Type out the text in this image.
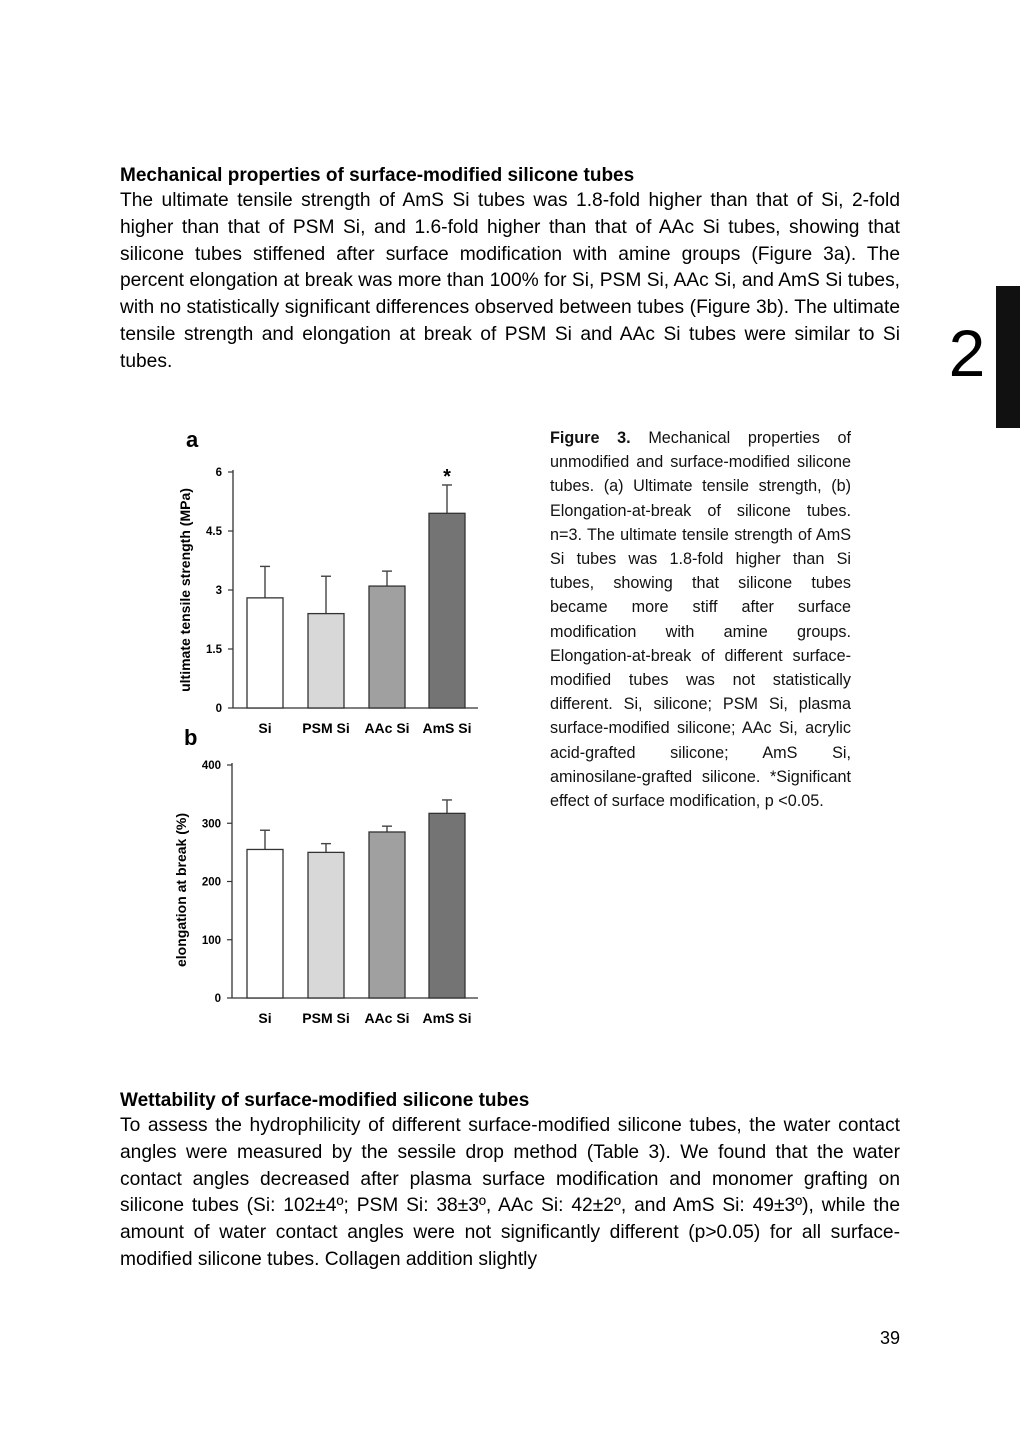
Mechanical properties of surface-modified silicone tubes
The ultimate tensile strength of AmS Si tubes was 1.8-fold higher than that of Si, 2-fold higher than that of PSM Si, and 1.6-fold higher than that of AAc Si tubes, showing that silicone tubes stiffened after surface modification with amine groups (Figure 3a). The percent elongation at break was more than 100% for Si, PSM Si, AAc Si, and AmS Si tubes, with no statistically significant differences observed between tubes (Figure 3b). The ultimate tensile strength and elongation at break of PSM Si and AAc Si tubes were similar to Si tubes.	2
a
ultimate tensile strength (MPa)
0
1.5
3
4.5
6
Si PSM Si AAc Si AmS Si
*
b
elongation at break (%)
0
100
200
300
400
Si PSM Si AAc Si AmS Si
Figure 3. Mechanical properties of unmodified and surface-modified silicone tubes. (a) Ultimate tensile strength, (b) Elongation-at-break of silicone tubes. n=3. The ultimate tensile strength of AmS Si tubes was 1.8-fold higher than Si tubes, showing that silicone tubes became more stiff after surface modification with amine groups. Elongation-at-break of different surface-modified tubes was not statistically different. Si, silicone; PSM Si, plasma surface-modified silicone; AAc Si, acrylic acid-grafted silicone; AmS Si, aminosilane-grafted silicone. *Significant effect of surface modification, p <0.05.
Wettability of surface-modified silicone tubes
To assess the hydrophilicity of different surface-modified silicone tubes, the water contact angles were measured by the sessile drop method (Table 3). We found that the water contact angles decreased after plasma surface modification and monomer grafting on silicone tubes (Si: 102±4º; PSM Si: 38±3º, AAc Si: 42±2º, and AmS Si: 49±3º), while the amount of water contact angles were not significantly different (p>0.05) for all surface-modified silicone tubes. Collagen addition slightly
39
